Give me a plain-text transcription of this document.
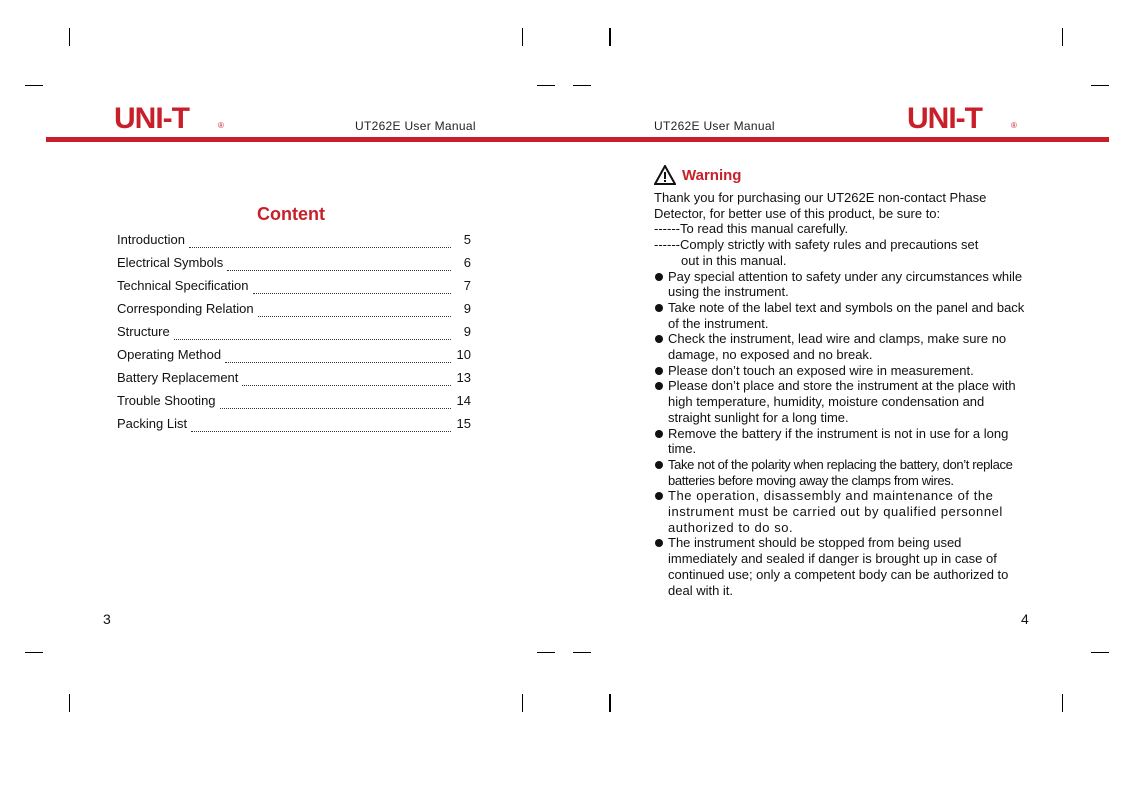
UNI-T	®	UT262E User Manual	UT262E User Manual	UNI-T	®
Content
Introduction	5
Electrical Symbols	6
Technical Specification	7
Corresponding Relation	9
Structure	9
Operating Method	10
Battery Replacement	13
Trouble Shooting	14
Packing List	15
3
Warning

Thank you for purchasing our UT262E non-contact Phase Detector, for better use of this product, be sure to:

------To read this manual carefully.

------Comply strictly with safety rules and precautions set

out in this manual.

Pay special attention to safety under any circumstances while using the instrument.

Take note of the label text and symbols on the panel and back of the instrument.

Check the instrument, lead wire and clamps, make sure no damage, no exposed and no break.

Please don’t touch an exposed wire in measurement.

Please don’t place and store the instrument at the place with high temperature, humidity, moisture condensation and straight sunlight for a long time.

Remove the battery if the instrument is not in use for a long time.

Take not of the polarity when replacing the battery, don’t replace batteries before moving away the clamps from wires.

The operation, disassembly and maintenance of the instrument must be carried out by qualified personnel authorized to do so.

The instrument should be stopped from being used immediately and sealed if danger is brought up in case of continued use; only a competent body can be authorized to deal with it.

4
